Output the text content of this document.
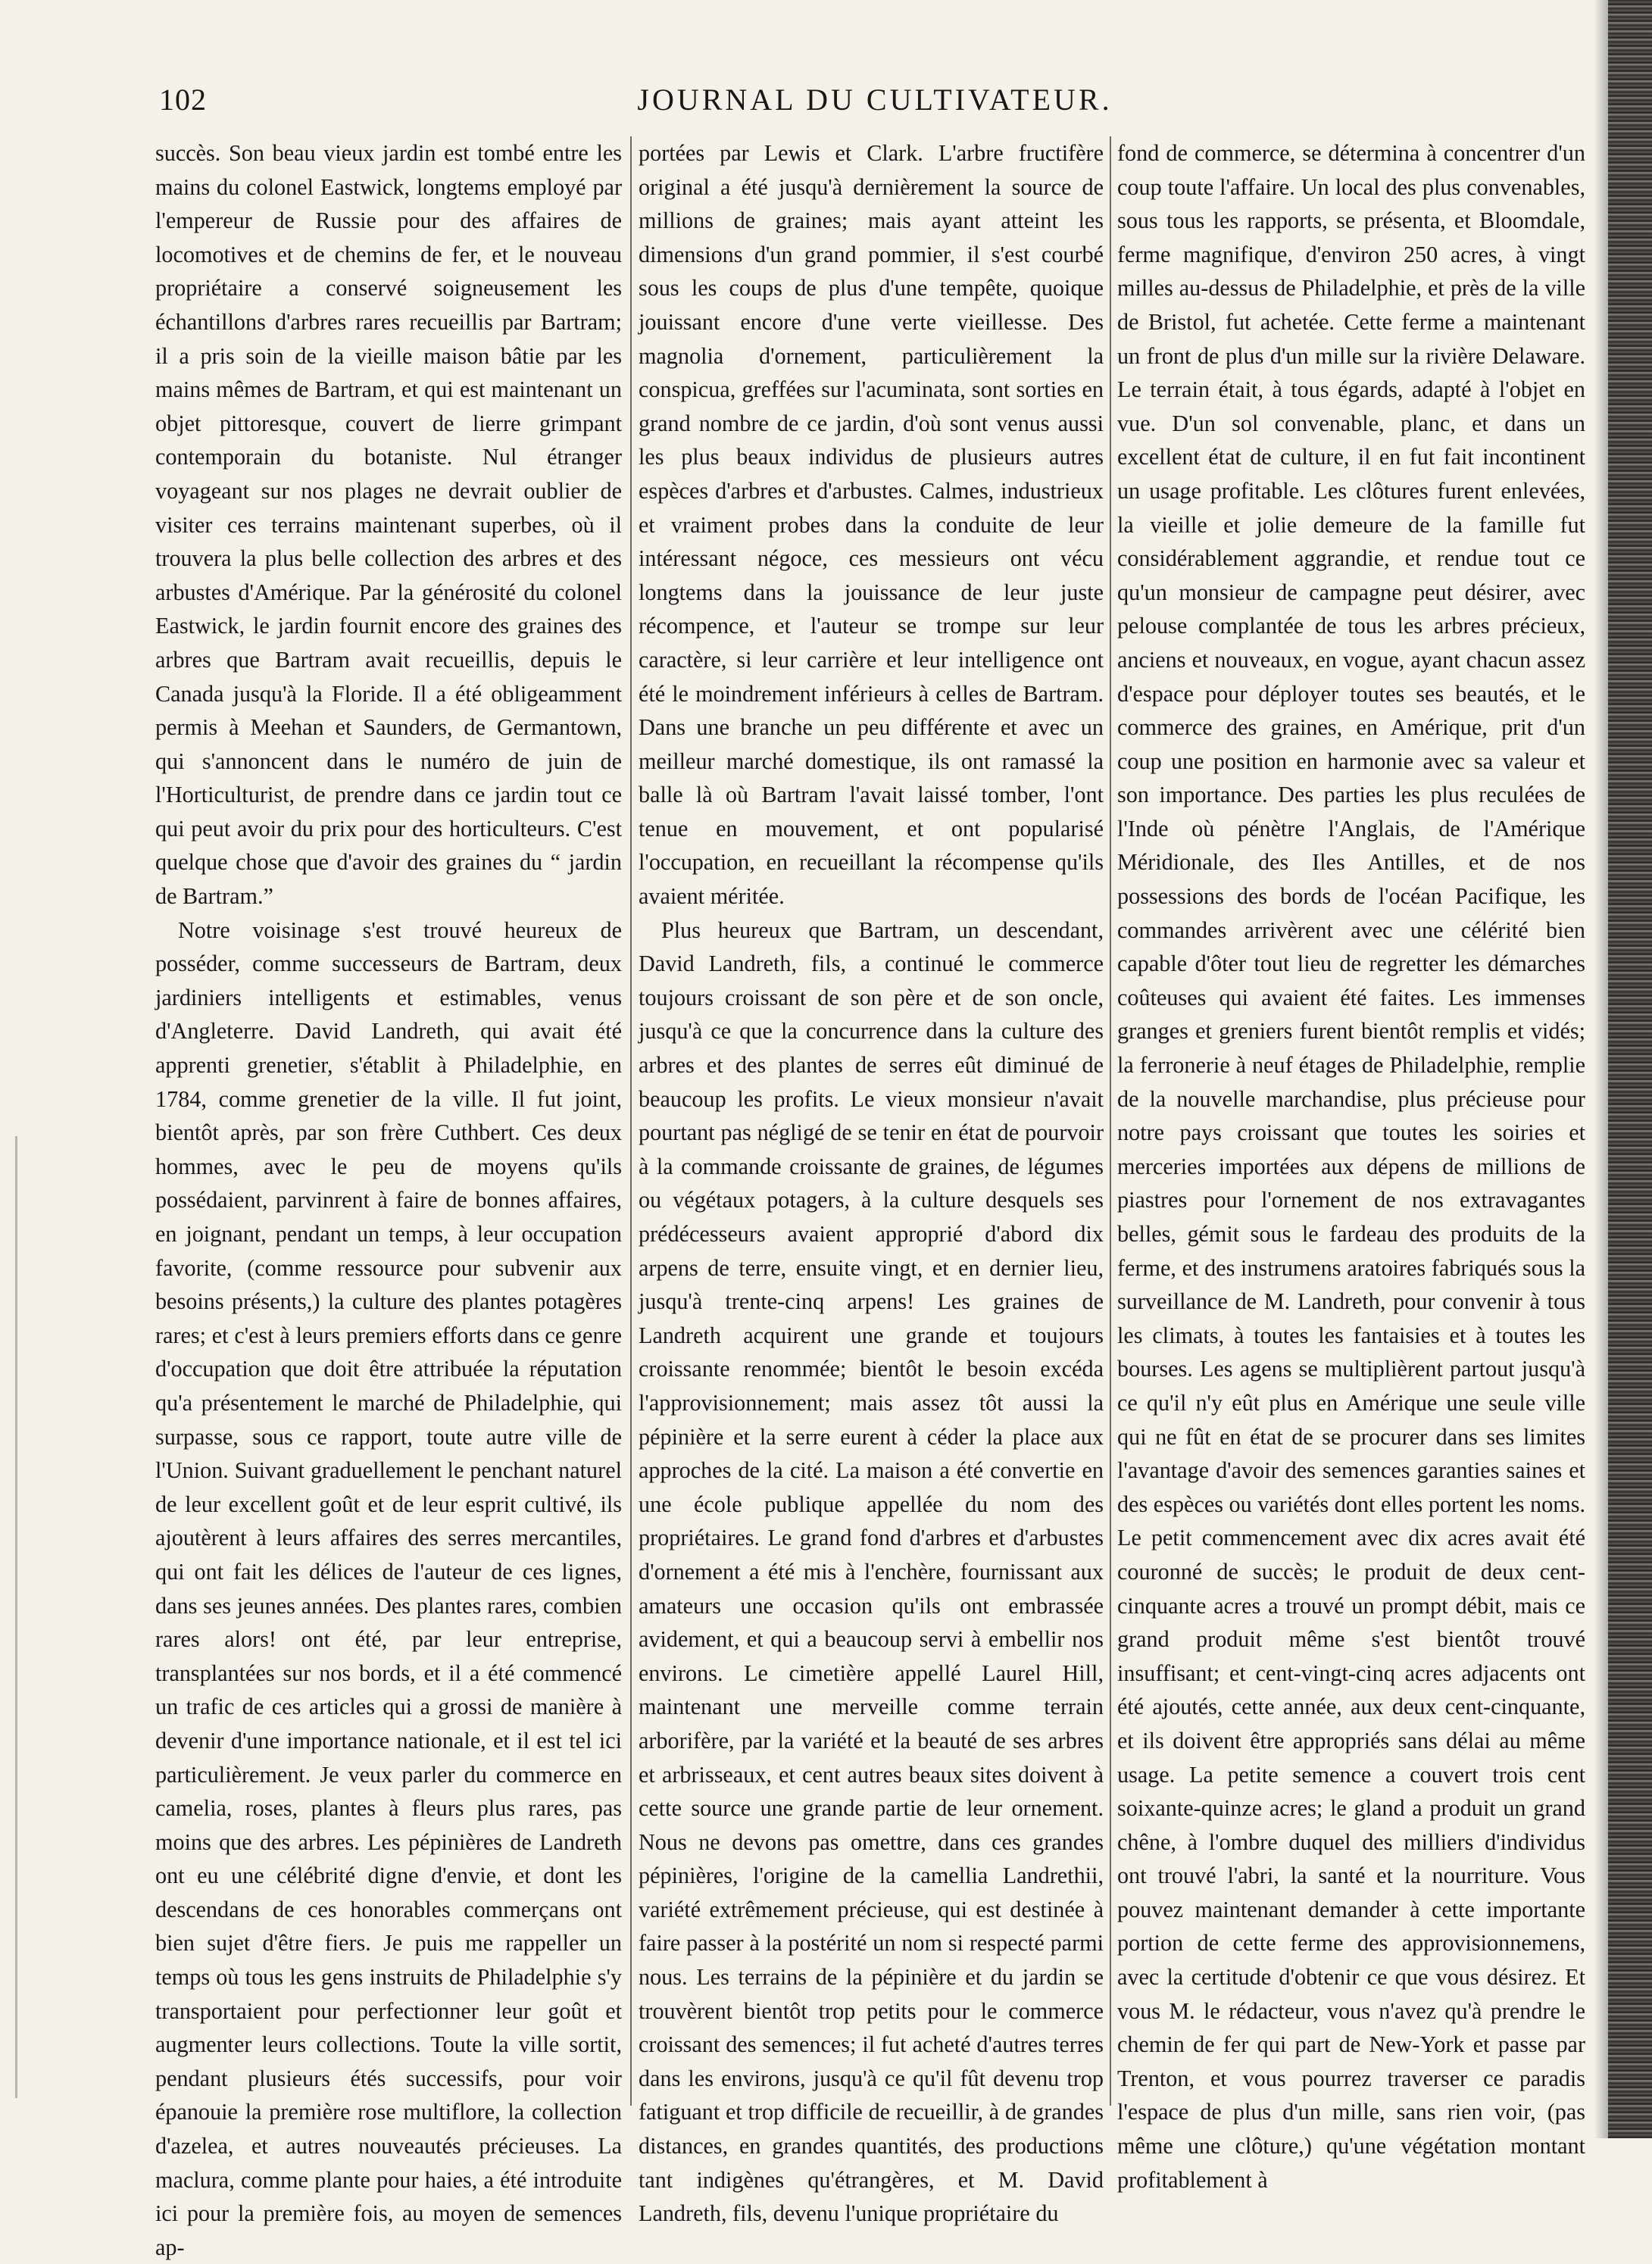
102	JOURNAL DU CULTIVATEUR.

succès. Son beau vieux jardin est tombé entre les mains du colonel Eastwick, longtems employé par l'empereur de Russie pour des affaires de locomotives et de chemins de fer, et le nouveau propriétaire a conservé soigneusement les échantillons d'arbres rares recueillis par Bartram; il a pris soin de la vieille maison bâtie par les mains mêmes de Bartram, et qui est maintenant un objet pittoresque, couvert de lierre grimpant contemporain du botaniste. Nul étranger voyageant sur nos plages ne devrait oublier de visiter ces terrains maintenant superbes, où il trouvera la plus belle collection des arbres et des arbustes d'Amérique. Par la générosité du colonel Eastwick, le jardin fournit encore des graines des arbres que Bartram avait recueillis, depuis le Canada jusqu'à la Floride. Il a été obligeamment permis à Meehan et Saunders, de Germantown, qui s'annoncent dans le numéro de juin de l'Horticulturist, de prendre dans ce jardin tout ce qui peut avoir du prix pour des horticulteurs. C'est quelque chose que d'avoir des graines du “ jardin de Bartram.”

Notre voisinage s'est trouvé heureux de posséder, comme successeurs de Bartram, deux jardiniers intelligents et estimables, venus d'Angleterre. David Landreth, qui avait été apprenti grenetier, s'établit à Philadelphie, en 1784, comme grenetier de la ville. Il fut joint, bientôt après, par son frère Cuthbert. Ces deux hommes, avec le peu de moyens qu'ils possédaient, parvinrent à faire de bonnes affaires, en joignant, pendant un temps, à leur occupation favorite, (comme ressource pour subvenir aux besoins présents,) la culture des plantes potagères rares; et c'est à leurs premiers efforts dans ce genre d'occupation que doit être attribuée la réputation qu'a présentement le marché de Philadelphie, qui surpasse, sous ce rapport, toute autre ville de l'Union. Suivant graduellement le penchant naturel de leur excellent goût et de leur esprit cultivé, ils ajoutèrent à leurs affaires des serres mercantiles, qui ont fait les délices de l'auteur de ces lignes, dans ses jeunes années. Des plantes rares, combien rares alors! ont été, par leur entreprise, transplantées sur nos bords, et il a été commencé un trafic de ces articles qui a grossi de manière à devenir d'une importance nationale, et il est tel ici particulièrement. Je veux parler du commerce en camelia, roses, plantes à fleurs plus rares, pas moins que des arbres. Les pépinières de Landreth ont eu une célébrité digne d'envie, et dont les descendans de ces honorables commerçans ont bien sujet d'être fiers. Je puis me rappeller un temps où tous les gens instruits de Philadelphie s'y transportaient pour perfectionner leur goût et augmenter leurs collections. Toute la ville sortit, pendant plusieurs étés successifs, pour voir épanouie la première rose multiflore, la collection d'azelea, et autres nouveautés précieuses. La maclura, comme plante pour haies, a été introduite ici pour la première fois, au moyen de semences ap-

portées par Lewis et Clark. L'arbre fructifère original a été jusqu'à dernièrement la source de millions de graines; mais ayant atteint les dimensions d'un grand pommier, il s'est courbé sous les coups de plus d'une tempête, quoique jouissant encore d'une verte vieillesse. Des magnolia d'ornement, particulièrement la conspicua, greffées sur l'acuminata, sont sorties en grand nombre de ce jardin, d'où sont venus aussi les plus beaux individus de plusieurs autres espèces d'arbres et d'arbustes. Calmes, industrieux et vraiment probes dans la conduite de leur intéressant négoce, ces messieurs ont vécu longtems dans la jouissance de leur juste récompence, et l'auteur se trompe sur leur caractère, si leur carrière et leur intelligence ont été le moindrement inférieurs à celles de Bartram. Dans une branche un peu différente et avec un meilleur marché domestique, ils ont ramassé la balle là où Bartram l'avait laissé tomber, l'ont tenue en mouvement, et ont popularisé l'occupation, en recueillant la récompense qu'ils avaient méritée.

Plus heureux que Bartram, un descendant, David Landreth, fils, a continué le commerce toujours croissant de son père et de son oncle, jusqu'à ce que la concurrence dans la culture des arbres et des plantes de serres eût diminué de beaucoup les profits. Le vieux monsieur n'avait pourtant pas négligé de se tenir en état de pourvoir à la commande croissante de graines, de légumes ou végétaux potagers, à la culture desquels ses prédécesseurs avaient approprié d'abord dix arpens de terre, ensuite vingt, et en dernier lieu, jusqu'à trente-cinq arpens! Les graines de Landreth acquirent une grande et toujours croissante renommée; bientôt le besoin excéda l'approvisionnement; mais assez tôt aussi la pépinière et la serre eurent à céder la place aux approches de la cité. La maison a été convertie en une école publique appellée du nom des propriétaires. Le grand fond d'arbres et d'arbustes d'ornement a été mis à l'enchère, fournissant aux amateurs une occasion qu'ils ont embrassée avidement, et qui a beaucoup servi à embellir nos environs. Le cimetière appellé Laurel Hill, maintenant une merveille comme terrain arborifère, par la variété et la beauté de ses arbres et arbrisseaux, et cent autres beaux sites doivent à cette source une grande partie de leur ornement. Nous ne devons pas omettre, dans ces grandes pépinières, l'origine de la camellia Landrethii, variété extrêmement précieuse, qui est destinée à faire passer à la postérité un nom si respecté parmi nous. Les terrains de la pépinière et du jardin se trouvèrent bientôt trop petits pour le commerce croissant des semences; il fut acheté d'autres terres dans les environs, jusqu'à ce qu'il fût devenu trop fatiguant et trop difficile de recueillir, à de grandes distances, en grandes quantités, des productions tant indigènes qu'étrangères, et M. David Landreth, fils, devenu l'unique propriétaire du

fond de commerce, se détermina à concentrer d'un coup toute l'affaire. Un local des plus convenables, sous tous les rapports, se présenta, et Bloomdale, ferme magnifique, d'environ 250 acres, à vingt milles au-dessus de Philadelphie, et près de la ville de Bristol, fut achetée. Cette ferme a maintenant un front de plus d'un mille sur la rivière Delaware. Le terrain était, à tous égards, adapté à l'objet en vue. D'un sol convenable, planc, et dans un excellent état de culture, il en fut fait incontinent un usage profitable. Les clôtures furent enlevées, la vieille et jolie demeure de la famille fut considérablement aggrandie, et rendue tout ce qu'un monsieur de campagne peut désirer, avec pelouse complantée de tous les arbres précieux, anciens et nouveaux, en vogue, ayant chacun assez d'espace pour déployer toutes ses beautés, et le commerce des graines, en Amérique, prit d'un coup une position en harmonie avec sa valeur et son importance. Des parties les plus reculées de l'Inde où pénètre l'Anglais, de l'Amérique Méridionale, des Iles Antilles, et de nos possessions des bords de l'océan Pacifique, les commandes arrivèrent avec une célérité bien capable d'ôter tout lieu de regretter les démarches coûteuses qui avaient été faites. Les immenses granges et greniers furent bientôt remplis et vidés; la ferronerie à neuf étages de Philadelphie, remplie de la nouvelle marchandise, plus précieuse pour notre pays croissant que toutes les soiries et merceries importées aux dépens de millions de piastres pour l'ornement de nos extravagantes belles, gémit sous le fardeau des produits de la ferme, et des instrumens aratoires fabriqués sous la surveillance de M. Landreth, pour convenir à tous les climats, à toutes les fantaisies et à toutes les bourses. Les agens se multiplièrent partout jusqu'à ce qu'il n'y eût plus en Amérique une seule ville qui ne fût en état de se procurer dans ses limites l'avantage d'avoir des semences garanties saines et des espèces ou variétés dont elles portent les noms. Le petit commencement avec dix acres avait été couronné de succès; le produit de deux cent-cinquante acres a trouvé un prompt débit, mais ce grand produit même s'est bientôt trouvé insuffisant; et cent-vingt-cinq acres adjacents ont été ajoutés, cette année, aux deux cent-cinquante, et ils doivent être appropriés sans délai au même usage. La petite semence a couvert trois cent soixante-quinze acres; le gland a produit un grand chêne, à l'ombre duquel des milliers d'individus ont trouvé l'abri, la santé et la nourriture. Vous pouvez maintenant demander à cette importante portion de cette ferme des approvisionnemens, avec la certitude d'obtenir ce que vous désirez. Et vous M. le rédacteur, vous n'avez qu'à prendre le chemin de fer qui part de New-York et passe par Trenton, et vous pourrez traverser ce paradis l'espace de plus d'un mille, sans rien voir, (pas même une clôture,) qu'une végétation montant profitablement à
